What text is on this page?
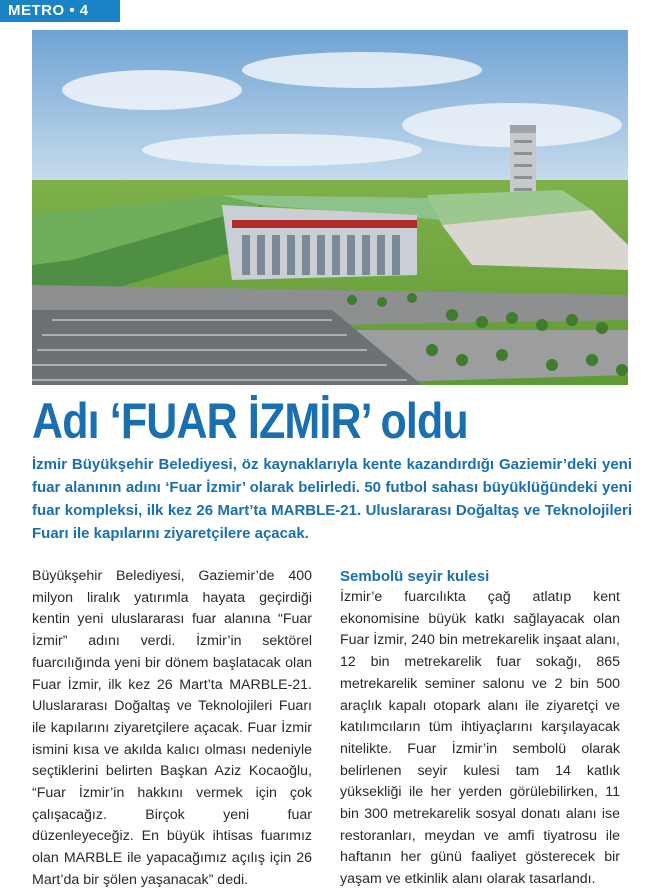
METRO • 4
Adı ‘FUAR İZMİR’ oldu

İzmir Büyükşehir Belediyesi, öz kaynaklarıyla kente kazandırdığı Gaziemir’deki yeni fuar alanının adını ‘Fuar İzmir’ olarak belirledi. 50 futbol sahası büyüklüğündeki yeni fuar kompleksi, ilk kez 26 Mart’ta MARBLE-21. Uluslararası Doğaltaş ve Teknolojileri Fuarı ile kapılarını ziyaretçilere açacak.

Büyükşehir Belediyesi, Gaziemir’de 400 milyon liralık yatırımla hayata geçirdiği kentin yeni uluslararası fuar alanına “Fuar İzmir” adını verdi. İzmir’in sektörel fuarcılığında yeni bir dönem başlatacak olan Fuar İzmir, ilk kez 26 Mart’ta MARBLE-21. Uluslararası Doğaltaş ve Teknolojileri Fuarı ile kapılarını ziyaretçilere açacak. Fuar İzmir ismini kısa ve akılda kalıcı olması nedeniyle seçtiklerini belirten Başkan Aziz Kocaoğlu, “Fuar İzmir’in hakkını vermek için çok çalışacağız. Birçok yeni fuar düzenleyeceğiz. En büyük ihtisas fuarımız olan MARBLE ile yapacağımız açılış için 26 Mart’da bir şölen yaşanacak” dedi.

Sembolü seyir kulesi

İzmir’e fuarcılıkta çağ atlatıp kent ekonomisine büyük katkı sağlayacak olan Fuar İzmir, 240 bin metrekarelik inşaat alanı, 12 bin metrekarelik fuar sokağı, 865 metrekarelik seminer salonu ve 2 bin 500 araçlık kapalı otopark alanı ile ziyaretçi ve katılımcıların tüm ihtiyaçlarını karşılayacak nitelikte. Fuar İzmir’in sembolü olarak belirlenen seyir kulesi tam 14 katlık yüksekliği ile her yerden görülebilirken, 11 bin 300 metrekarelik sosyal donatı alanı ise restoranları, meydan ve amfi tiyatrosu ile haftanın her günü faaliyet gösterecek bir yaşam ve etkinlik alanı olarak tasarlandı.
